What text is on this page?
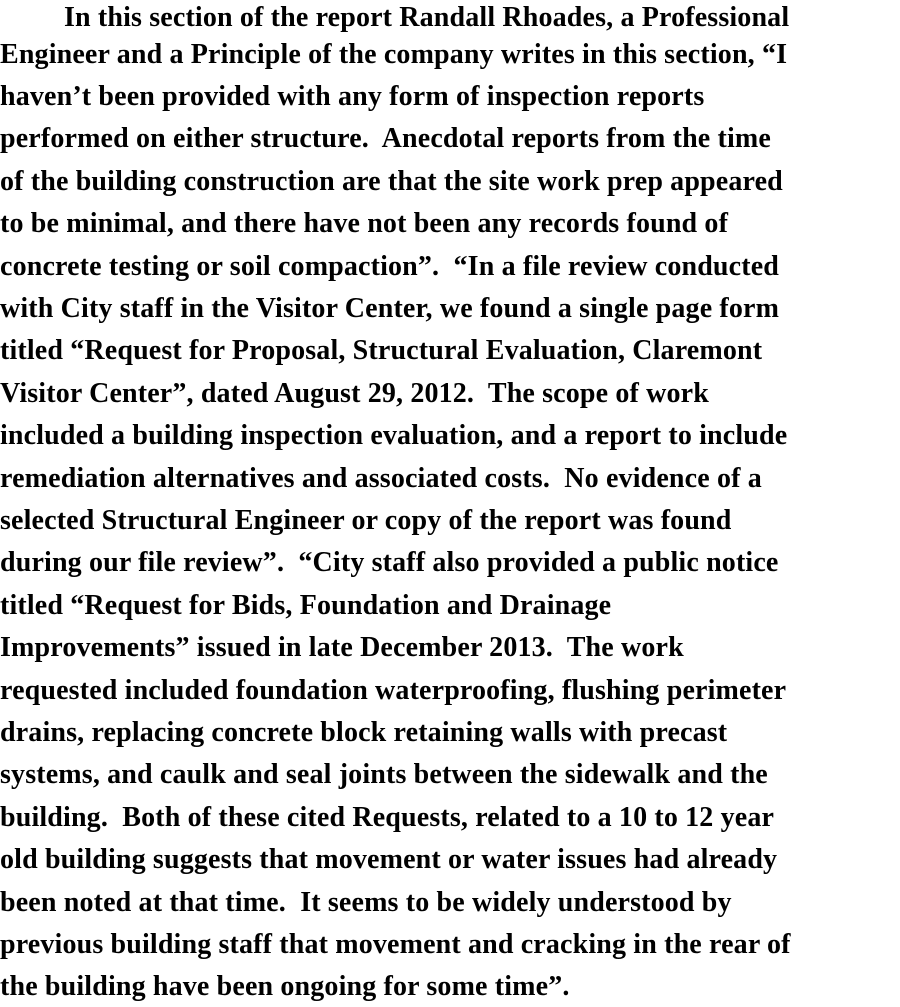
In this section of the report Randall Rhoades, a Professional
Engineer and a Principle of the company writes in this section, “I
haven’t been provided with any form of inspection reports
performed on either structure.  Anecdotal reports from the time
of the building construction are that the site work prep appeared
to be minimal, and there have not been any records found of
concrete testing or soil compaction”.  “In a file review conducted
with City staff in the Visitor Center, we found a single page form
titled “Request for Proposal, Structural Evaluation, Claremont
Visitor Center”, dated August 29, 2012.  The scope of work
included a building inspection evaluation, and a report to include
remediation alternatives and associated costs.  No evidence of a
selected Structural Engineer or copy of the report was found
during our file review”.  “City staff also provided a public notice
titled “Request for Bids, Foundation and Drainage
Improvements” issued in late December 2013.  The work
requested included foundation waterproofing, flushing perimeter
drains, replacing concrete block retaining walls with precast
systems, and caulk and seal joints between the sidewalk and the
building.  Both of these cited Requests, related to a 10 to 12 year
old building suggests that movement or water issues had already
been noted at that time.  It seems to be widely understood by
previous building staff that movement and cracking in the rear of
the building have been ongoing for some time”.
